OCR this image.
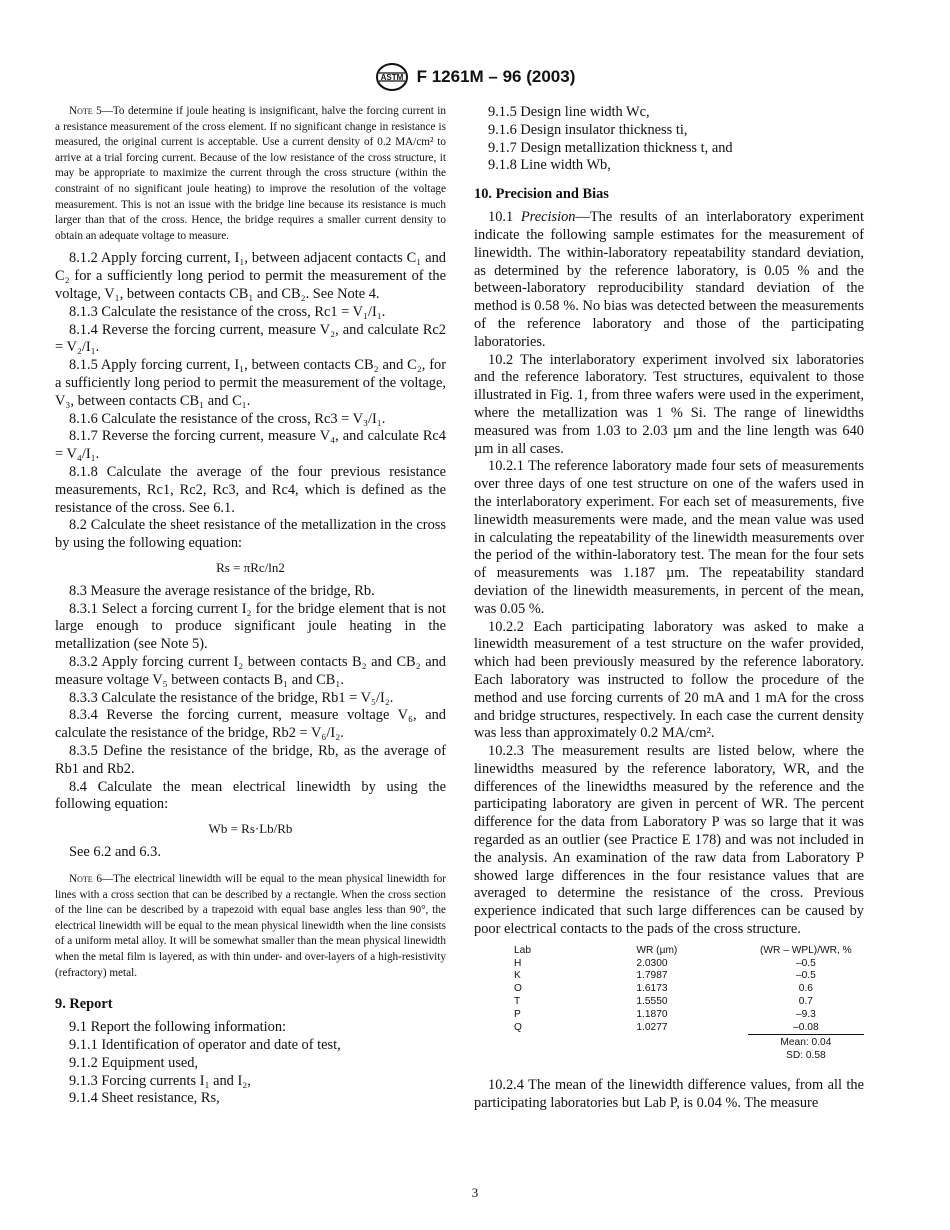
ASTM F 1261M – 96 (2003)

Note 5—To determine if joule heating is insignificant, halve the forcing current in a resistance measurement of the cross element. If no significant change in resistance is measured, the original current is acceptable. Use a current density of 0.2 MA/cm² to arrive at a trial forcing current. Because of the low resistance of the cross structure, it may be appropriate to maximize the current through the cross structure (within the constraint of no significant joule heating) to improve the resolution of the voltage measurement. This is not an issue with the bridge line because its resistance is much larger than that of the cross. Hence, the bridge requires a smaller current density to obtain an adequate voltage to measure.

8.1.2 Apply forcing current, I₁, between adjacent contacts C₁ and C₂ for a sufficiently long period to permit the measurement of the voltage, V₁, between contacts CB₁ and CB₂. See Note 4.

8.1.3 Calculate the resistance of the cross, Rc1 = V₁/I₁.

8.1.4 Reverse the forcing current, measure V₂, and calculate Rc2 = V₂/I₁.

8.1.5 Apply forcing current, I₁, between contacts CB₂ and C₂, for a sufficiently long period to permit the measurement of the voltage, V₃, between contacts CB₁ and C₁.

8.1.6 Calculate the resistance of the cross, Rc3 = V₃/I₁.

8.1.7 Reverse the forcing current, measure V₄, and calculate Rc4 = V₄/I₁.

8.1.8 Calculate the average of the four previous resistance measurements, Rc1, Rc2, Rc3, and Rc4, which is defined as the resistance of the cross. See 6.1.

8.2 Calculate the sheet resistance of the metallization in the cross by using the following equation:

Rs = πRc/ln2

8.3 Measure the average resistance of the bridge, Rb.

8.3.1 Select a forcing current I₂ for the bridge element that is not large enough to produce significant joule heating in the metallization (see Note 5).

8.3.2 Apply forcing current I₂ between contacts B₂ and CB₂ and measure voltage V₅ between contacts B₁ and CB₁.

8.3.3 Calculate the resistance of the bridge, Rb1 = V₅/I₂.

8.3.4 Reverse the forcing current, measure voltage V₆, and calculate the resistance of the bridge, Rb2 = V₆/I₂.

8.3.5 Define the resistance of the bridge, Rb, as the average of Rb1 and Rb2.

8.4 Calculate the mean electrical linewidth by using the following equation:

Wb = Rs·Lb/Rb

See 6.2 and 6.3.

Note 6—The electrical linewidth will be equal to the mean physical linewidth for lines with a cross section that can be described by a rectangle. When the cross section of the line can be described by a trapezoid with equal base angles less than 90°, the electrical linewidth will be equal to the mean physical linewidth when the line consists of a uniform metal alloy. It will be somewhat smaller than the mean physical linewidth when the metal film is layered, as with thin under- and over-layers of a high-resistivity (refractory) metal.

9. Report

9.1 Report the following information:

9.1.1 Identification of operator and date of test,

9.1.2 Equipment used,

9.1.3 Forcing currents I₁ and I₂,

9.1.4 Sheet resistance, Rs,

9.1.5 Design line width Wc,

9.1.6 Design insulator thickness ti,

9.1.7 Design metallization thickness t, and

9.1.8 Line width Wb,

10. Precision and Bias

10.1 Precision—The results of an interlaboratory experiment indicate the following sample estimates for the measurement of linewidth. The within-laboratory repeatability standard deviation, as determined by the reference laboratory, is 0.05 % and the between-laboratory reproducibility standard deviation of the method is 0.58 %. No bias was detected between the measurements of the reference laboratory and those of the participating laboratories.

10.2 The interlaboratory experiment involved six laboratories and the reference laboratory. Test structures, equivalent to those illustrated in Fig. 1, from three wafers were used in the experiment, where the metallization was 1 % Si. The range of linewidths measured was from 1.03 to 2.03 µm and the line length was 640 µm in all cases.

10.2.1 The reference laboratory made four sets of measurements over three days of one test structure on one of the wafers used in the interlaboratory experiment. For each set of measurements, five linewidth measurements were made, and the mean value was used in calculating the repeatability of the linewidth measurements over the period of the within-laboratory test. The mean for the four sets of measurements was 1.187 µm. The repeatability standard deviation of the linewidth measurements, in percent of the mean, was 0.05 %.

10.2.2 Each participating laboratory was asked to make a linewidth measurement of a test structure on the wafer provided, which had been previously measured by the reference laboratory. Each laboratory was instructed to follow the procedure of the method and use forcing currents of 20 mA and 1 mA for the cross and bridge structures, respectively. In each case the current density was less than approximately 0.2 MA/cm².

10.2.3 The measurement results are listed below, where the linewidths measured by the reference laboratory, WR, and the differences of the linewidths measured by the reference and the participating laboratory are given in percent of WR. The percent difference for the data from Laboratory P was so large that it was regarded as an outlier (see Practice E 178) and was not included in the analysis. An examination of the raw data from Laboratory P showed large differences in the four resistance values that are averaged to determine the resistance of the cross. Previous experience indicated that such large differences can be caused by poor electrical contacts to the pads of the cross structure.

Lab	WR (µm)	(WR – WPL)/WR, %
H	2.0300	–0.5
K	1.7987	–0.5
O	1.6173	0.6
T	1.5550	0.7
P	1.1870	–9.3
Q	1.0277	–0.08
		Mean: 0.04
		SD: 0.58

10.2.4 The mean of the linewidth difference values, from all the participating laboratories but Lab P, is 0.04 %. The measure

3
